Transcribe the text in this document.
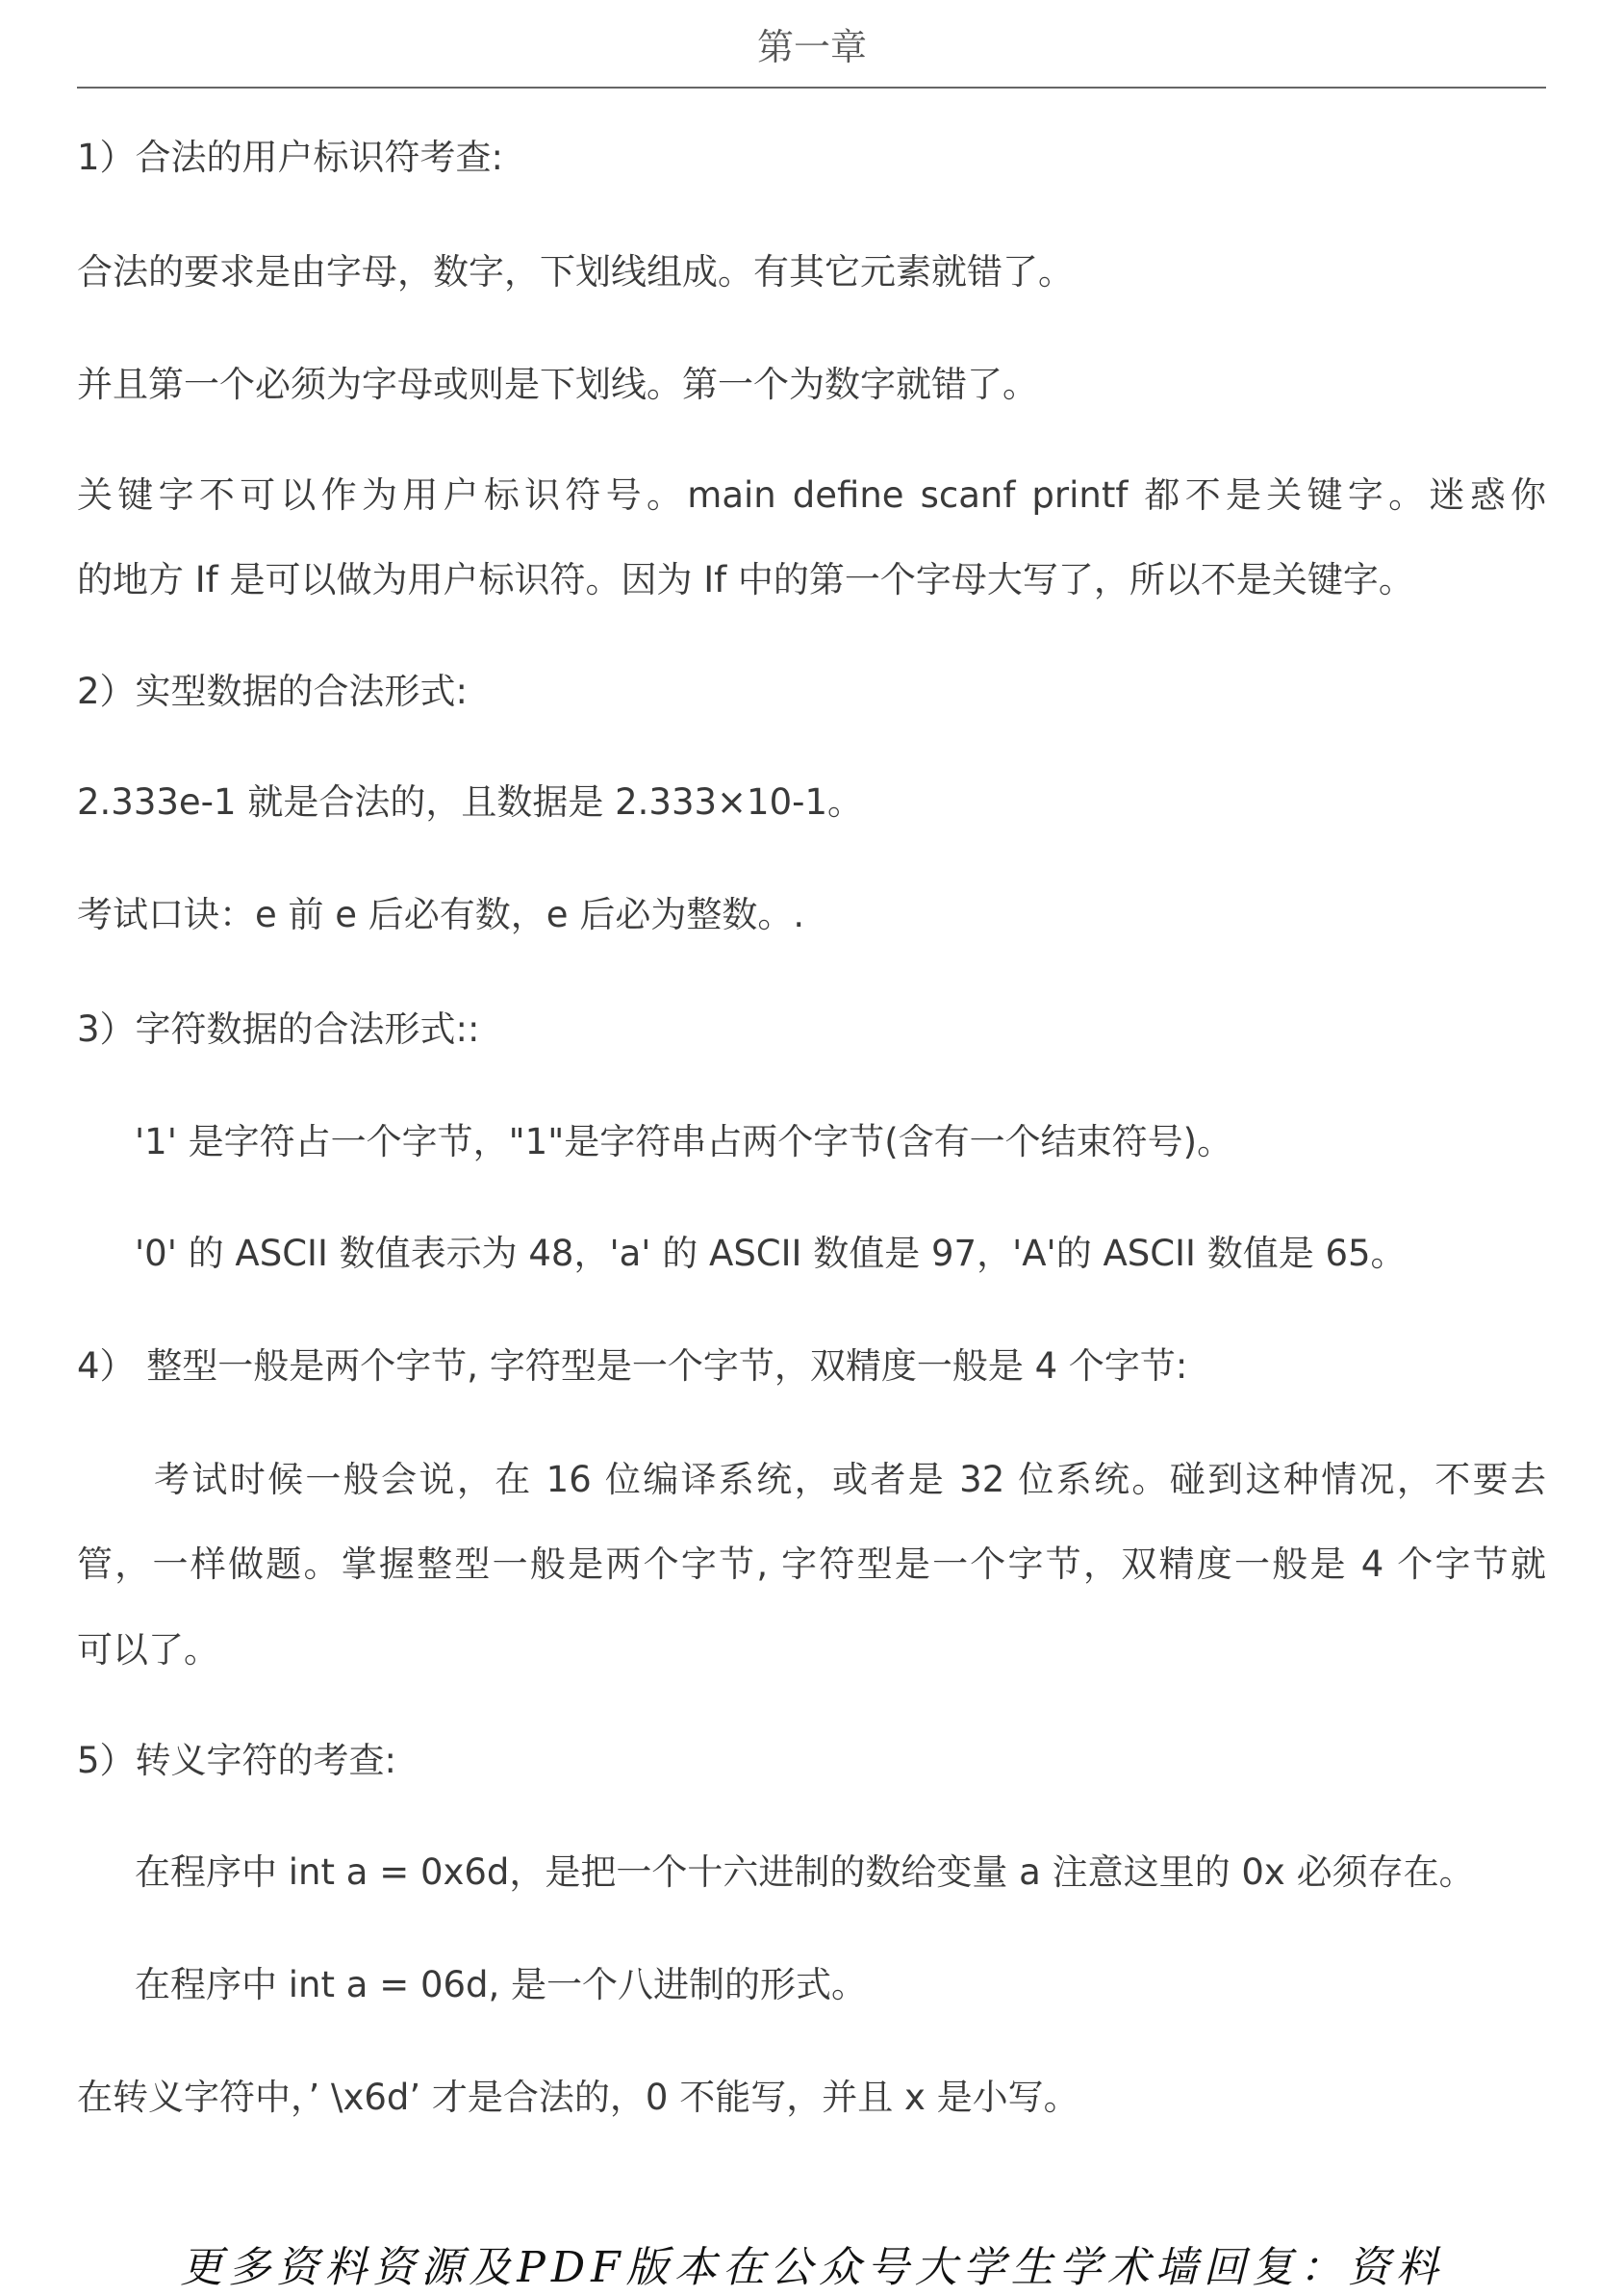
第一章
1）合法的用户标识符考查:
合法的要求是由字母，数字，下划线组成。有其它元素就错了。
并且第一个必须为字母或则是下划线。第一个为数字就错了。
关键字不可以作为用户标识符号。main define scanf printf 都不是关键字。迷惑你
的地方 If 是可以做为用户标识符。因为 If 中的第一个字母大写了，所以不是关键字。
2）实型数据的合法形式:
2.333e-1 就是合法的，且数据是 2.333×10-1。
考试口诀：e 前 e 后必有数，e 后必为整数。.
3）字符数据的合法形式::
'1' 是字符占一个字节，"1"是字符串占两个字节(含有一个结束符号)。
'0' 的 ASCII 数值表示为 48，'a' 的 ASCII 数值是 97，'A'的 ASCII 数值是 65。
4） 整型一般是两个字节, 字符型是一个字节，双精度一般是 4 个字节:
考试时候一般会说，在 16 位编译系统，或者是 32 位系统。碰到这种情况，不要去
管，一样做题。掌握整型一般是两个字节, 字符型是一个字节，双精度一般是 4 个字节就
可以了。
5）转义字符的考查:
在程序中 int a = 0x6d，是把一个十六进制的数给变量 a 注意这里的 0x 必须存在。
在程序中 int a = 06d, 是一个八进制的形式。
在转义字符中，’ \x6d’ 才是合法的，0 不能写，并且 x 是小写。
更多资料资源及PDF版本在公众号大学生学术墙回复：资料
